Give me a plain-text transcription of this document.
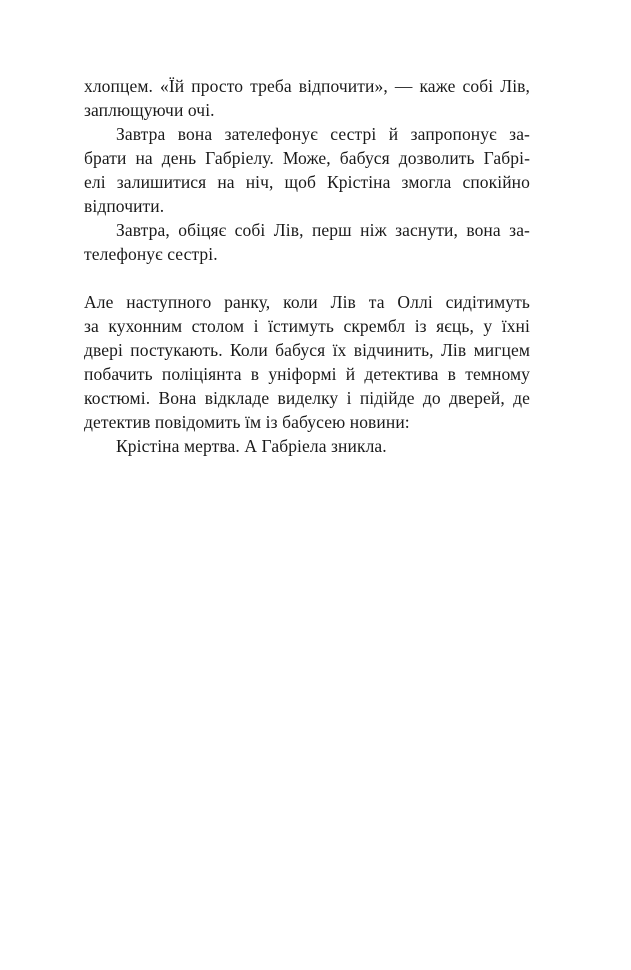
хлопцем. «Їй просто треба відпочити», — каже собі Лів,
заплющуючи очі.
Завтра вона зателефонує сестрі й запропонує за-
брати на день Габріелу. Може, бабуся дозволить Габрі-
елі залишитися на ніч, щоб Крістіна змогла спокійно
відпочити.
Завтра, обіцяє собі Лів, перш ніж заснути, вона за-
телефонує сестрі.
Але наступного ранку, коли Лів та Оллі сидітимуть
за кухонним столом і їстимуть скрембл із яєць, у їхні
двері постукають. Коли бабуся їх відчинить, Лів мигцем
побачить поліціянта в уніформі й детектива в темному
костюмі. Вона відкладе виделку і підійде до дверей, де
детектив повідомить їм із бабусею новини:
Крістіна мертва. А Габріела зникла.
